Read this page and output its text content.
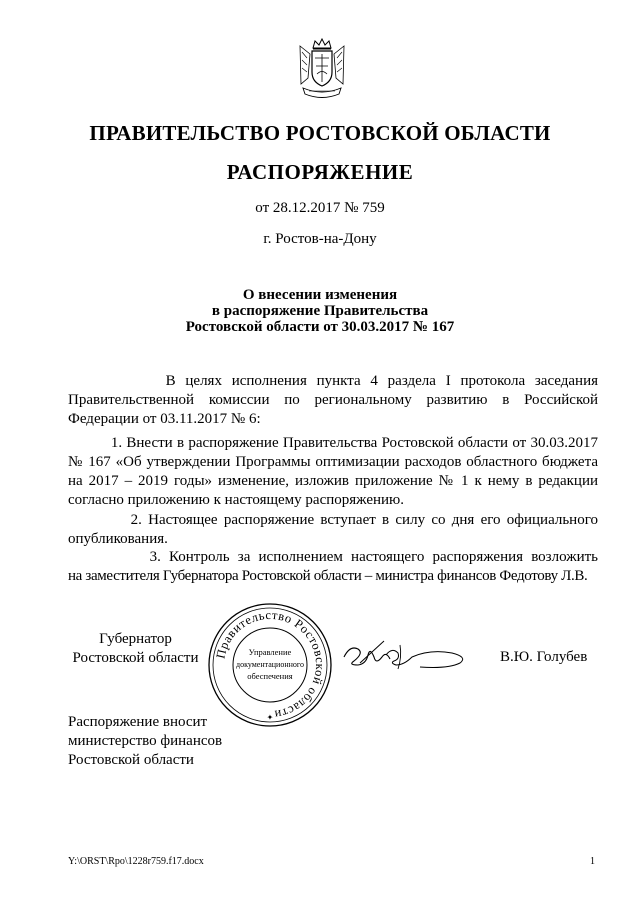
ПРАВИТЕЛЬСТВО РОСТОВСКОЙ ОБЛАСТИ
РАСПОРЯЖЕНИЕ
от 28.12.2017 № 759
г. Ростов-на-Дону
О внесении изменения
в распоряжение Правительства
Ростовской области от 30.03.2017 № 167
В целях исполнения пункта 4 раздела I протокола заседания
Правительственной комиссии по региональному развитию в Российской
Федерации от 03.11.2017 № 6:
1. Внести в распоряжение Правительства Ростовской области от 30.03.2017
№ 167 «Об утверждении Программы оптимизации расходов областного бюджета
на 2017 – 2019 годы» изменение, изложив приложение № 1 к нему в редакции
согласно приложению к настоящему распоряжению.
2. Настоящее распоряжение вступает в силу со дня его официального
опубликования.
3. Контроль за исполнением настоящего распоряжения возложить
на заместителя Губернатора Ростовской области – министра финансов Федотову Л.В.
Губернатор
Ростовской области	Правительство Ростовской области
Управление
документационного
обеспечения
✦
В.Ю. Голубев
Распоряжение вносит
министерство финансов
Ростовской области
Y:\ORST\Rpo\1228r759.f17.docx	1
